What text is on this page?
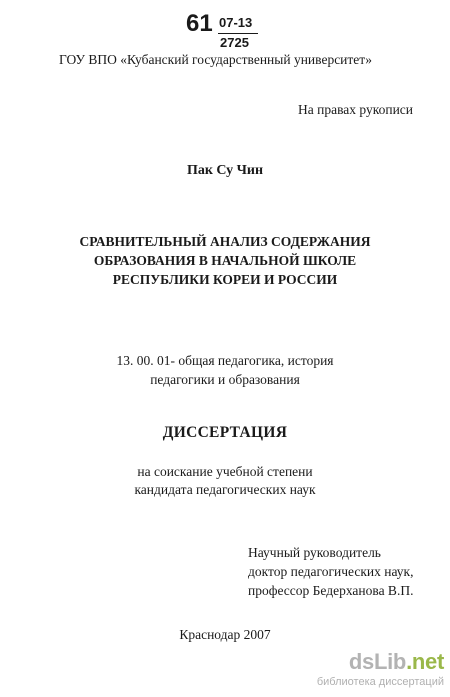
61 07-13
2725
ГОУ ВПО «Кубанский государственный университет»
На правах рукописи
Пак Су Чин
СРАВНИТЕЛЬНЫЙ АНАЛИЗ СОДЕРЖАНИЯ
ОБРАЗОВАНИЯ В НАЧАЛЬНОЙ ШКОЛЕ
РЕСПУБЛИКИ КОРЕИ И РОССИИ
13. 00. 01- общая педагогика, история
педагогики и образования
ДИССЕРТАЦИЯ
на соискание учебной степени
кандидата педагогических наук
Научный руководитель
доктор педагогических наук,
профессор Бедерханова В.П.
Краснодар 2007
dsLib.net
библиотека диссертаций
